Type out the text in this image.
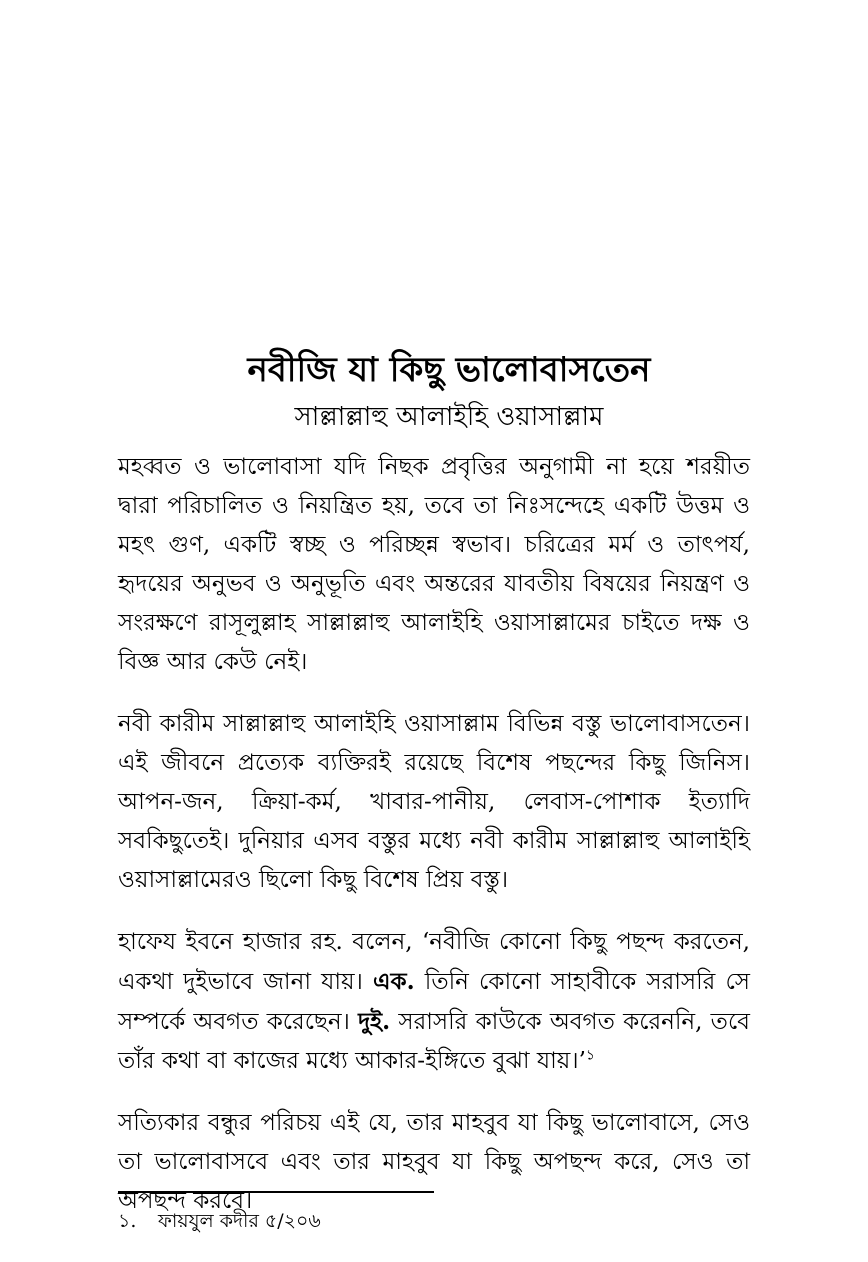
নবীজি যা কিছু ভালোবাসতেন
সাল্লাল্লাহু আলাইহি ওয়াসাল্লাম

মহব্বত ও ভালোবাসা যদি নিছক প্রবৃত্তির অনুগামী না হয়ে শরয়ীত দ্বারা পরিচালিত ও নিয়ন্ত্রিত হয়, তবে তা নিঃসন্দেহে একটি উত্তম ও মহৎ গুণ, একটি স্বচ্ছ ও পরিচ্ছন্ন স্বভাব। চরিত্রের মর্ম ও তাৎপর্য, হৃদয়ের অনুভব ও অনুভূতি এবং অন্তরের যাবতীয় বিষয়ের নিয়ন্ত্রণ ও সংরক্ষণে রাসূলুল্লাহ সাল্লাল্লাহু আলাইহি ওয়াসাল্লামের চাইতে দক্ষ ও বিজ্ঞ আর কেউ নেই।

নবী কারীম সাল্লাল্লাহু আলাইহি ওয়াসাল্লাম বিভিন্ন বস্তু ভালোবাসতেন। এই জীবনে প্রত্যেক ব্যক্তিরই রয়েছে বিশেষ পছন্দের কিছু জিনিস। আপন-জন, ক্রিয়া-কর্ম, খাবার-পানীয়, লেবাস-পোশাক ইত্যাদি সবকিছুতেই। দুনিয়ার এসব বস্তুর মধ্যে নবী কারীম সাল্লাল্লাহু আলাইহি ওয়াসাল্লামেরও ছিলো কিছু বিশেষ প্রিয় বস্তু।

হাফেয ইবনে হাজার রহ. বলেন, ‘নবীজি কোনো কিছু পছন্দ করতেন, একথা দুইভাবে জানা যায়। এক. তিনি কোনো সাহাবীকে সরাসরি সে সম্পর্কে অবগত করেছেন। দুই. সরাসরি কাউকে অবগত করেননি, তবে তাঁর কথা বা কাজের মধ্যে আকার-ইঙ্গিতে বুঝা যায়।’$^১$

সত্যিকার বন্ধুর পরিচয় এই যে, তার মাহবুব যা কিছু ভালোবাসে, সেও তা ভালোবাসবে এবং তার মাহবুব যা কিছু অপছন্দ করে, সেও তা অপছন্দ করবে।

১. ফায়যুল কদীর ৫/২০৬
